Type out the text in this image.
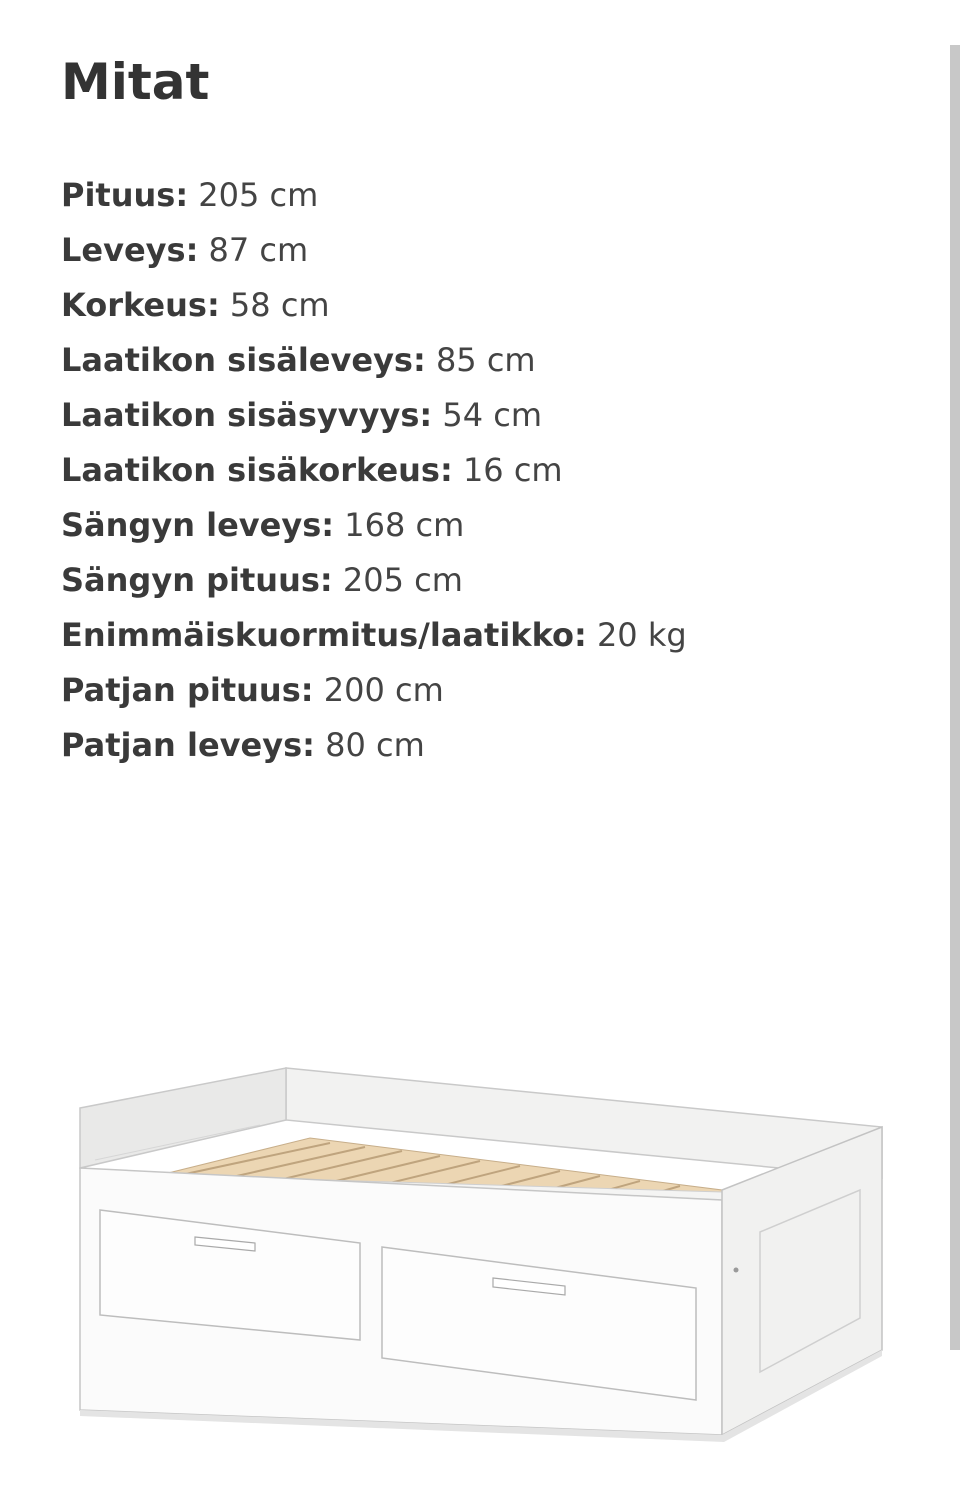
Mitat
Pituus: 205 cm
Leveys: 87 cm
Korkeus: 58 cm
Laatikon sisäleveys: 85 cm
Laatikon sisäsyvyys: 54 cm
Laatikon sisäkorkeus: 16 cm
Sängyn leveys: 168 cm
Sängyn pituus: 205 cm
Enimmäiskuormitus/laatikko: 20 kg
Patjan pituus: 200 cm
Patjan leveys: 80 cm
